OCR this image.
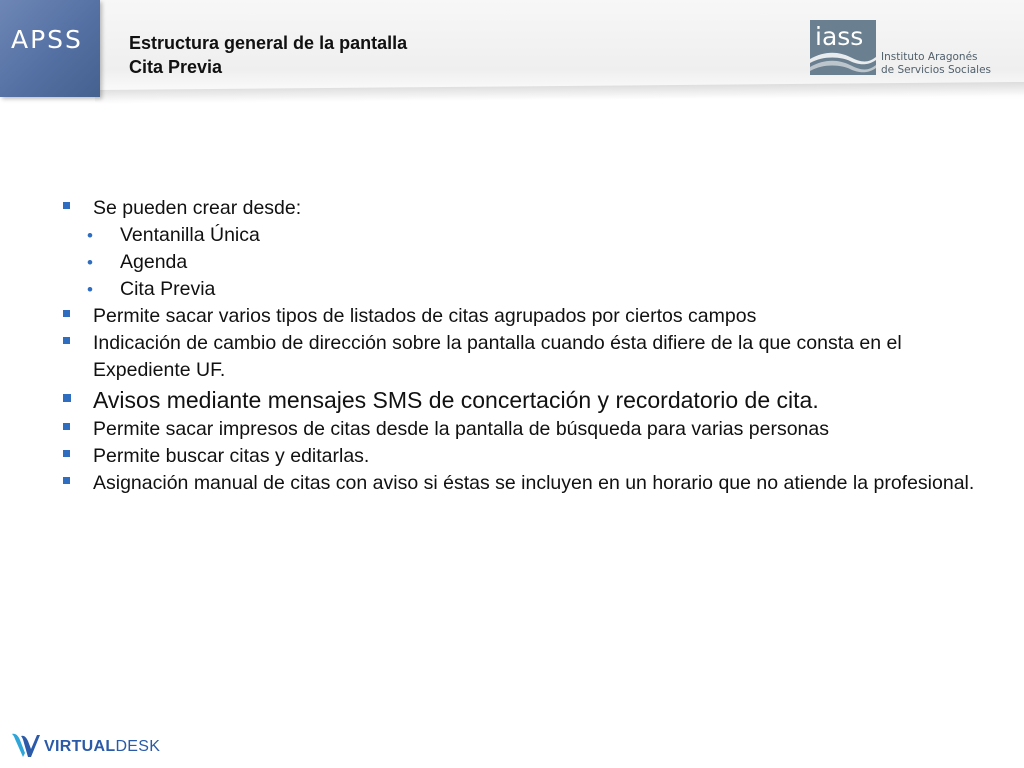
APSS	Estructura general de la pantalla
Cita Previa
iass
Instituto Aragonés
de Servicios Sociales
Se pueden crear desde:
• Ventanilla Única
• Agenda
• Cita Previa
Permite sacar varios tipos de listados de citas agrupados por ciertos campos
Indicación de cambio de dirección sobre la pantalla cuando ésta difiere de la que consta en el Expediente UF.
Avisos mediante mensajes SMS de concertación y recordatorio de cita.
Permite sacar impresos de citas desde la pantalla de búsqueda para varias personas
Permite buscar citas y editarlas.
Asignación manual de citas con aviso si éstas se incluyen en un horario que no atiende la profesional.
VIRTUALDESK
